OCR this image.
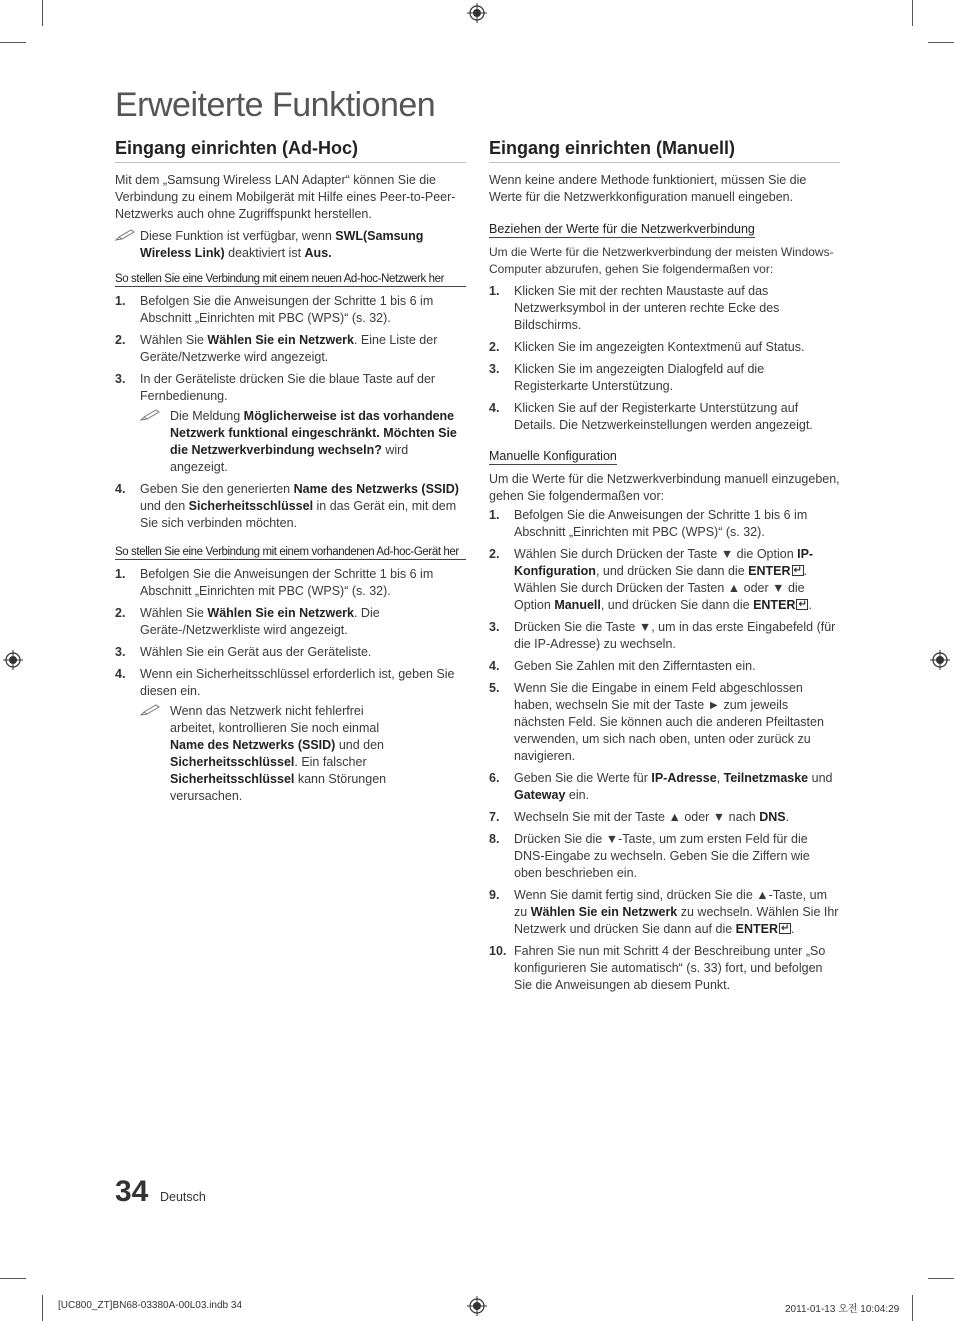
Erweiterte Funktionen
Eingang einrichten (Ad-Hoc)

Mit dem „Samsung Wireless LAN Adapter“ können Sie die Verbindung zu einem Mobilgerät mit Hilfe eines Peer-to-Peer-Netzwerks auch ohne Zugriffspunkt herstellen.

Diese Funktion ist verfügbar, wenn SWL(Samsung Wireless Link) deaktiviert ist Aus.
So stellen Sie eine Verbindung mit einem neuen Ad-hoc-Netzwerk her
1. Befolgen Sie die Anweisungen der Schritte 1 bis 6 im Abschnitt „Einrichten mit PBC (WPS)“ (s. 32).
2. Wählen Sie Wählen Sie ein Netzwerk. Eine Liste der Geräte/Netzwerke wird angezeigt.
3. In der Geräteliste drücken Sie die blaue Taste auf der Fernbedienung.
Die Meldung Möglicherweise ist das vorhandene Netzwerk funktional eingeschränkt. Möchten Sie die Netzwerkverbindung wechseln? wird angezeigt.
4. Geben Sie den generierten Name des Netzwerks (SSID) und den Sicherheitsschlüssel in das Gerät ein, mit dem Sie sich verbinden möchten.
So stellen Sie eine Verbindung mit einem vorhandenen Ad-hoc-Gerät her
1. Befolgen Sie die Anweisungen der Schritte 1 bis 6 im Abschnitt „Einrichten mit PBC (WPS)“ (s. 32).
2. Wählen Sie Wählen Sie ein Netzwerk. Die Geräte-/Netzwerkliste wird angezeigt.
3. Wählen Sie ein Gerät aus der Geräteliste.
4. Wenn ein Sicherheitsschlüssel erforderlich ist, geben Sie diesen ein.
Wenn das Netzwerk nicht fehlerfrei arbeitet, kontrollieren Sie noch einmal Name des Netzwerks (SSID) und den Sicherheitsschlüssel. Ein falscher Sicherheitsschlüssel kann Störungen verursachen.
Eingang einrichten (Manuell)

Wenn keine andere Methode funktioniert, müssen Sie die Werte für die Netzwerkkonfiguration manuell eingeben.

Beziehen der Werte für die Netzwerkverbindung

Um die Werte für die Netzwerkverbindung der meisten Windows-Computer abzurufen, gehen Sie folgendermaßen vor:

1. Klicken Sie mit der rechten Maustaste auf das Netzwerksymbol in der unteren rechte Ecke des Bildschirms.
2. Klicken Sie im angezeigten Kontextmenü auf Status.
3. Klicken Sie im angezeigten Dialogfeld auf die Registerkarte Unterstützung.
4. Klicken Sie auf der Registerkarte Unterstützung auf Details. Die Netzwerkeinstellungen werden angezeigt.
Manuelle Konfiguration

Um die Werte für die Netzwerkverbindung manuell einzugeben, gehen Sie folgendermaßen vor:

1. Befolgen Sie die Anweisungen der Schritte 1 bis 6 im Abschnitt „Einrichten mit PBC (WPS)“ (s. 32).
2. Wählen Sie durch Drücken der Taste ▼ die Option IP-Konfiguration, und drücken Sie dann die ENTER ↵ . Wählen Sie durch Drücken der Tasten ▲ oder ▼ die Option Manuell, und drücken Sie dann die ENTER ↵ .
3. Drücken Sie die Taste ▼, um in das erste Eingabefeld (für die IP-Adresse) zu wechseln.
4. Geben Sie Zahlen mit den Zifferntasten ein.
5. Wenn Sie die Eingabe in einem Feld abgeschlossen haben, wechseln Sie mit der Taste ► zum jeweils nächsten Feld. Sie können auch die anderen Pfeiltasten verwenden, um sich nach oben, unten oder zurück zu navigieren.
6. Geben Sie die Werte für IP-Adresse, Teilnetzmaske und Gateway ein.
7. Wechseln Sie mit der Taste ▲ oder ▼ nach DNS.
8. Drücken Sie die ▼-Taste, um zum ersten Feld für die DNS-Eingabe zu wechseln. Geben Sie die Ziffern wie oben beschrieben ein.
9. Wenn Sie damit fertig sind, drücken Sie die ▲-Taste, um zu Wählen Sie ein Netzwerk zu wechseln. Wählen Sie Ihr Netzwerk und drücken Sie dann auf die ENTER ↵ .
10. Fahren Sie nun mit Schritt 4 der Beschreibung unter „So konfigurieren Sie automatisch“ (s. 33) fort, und befolgen Sie die Anweisungen ab diesem Punkt.
34 Deutsch
[UC800_ZT]BN68-03380A-00L03.indb 34	2011-01-13 오전 10:04:29
